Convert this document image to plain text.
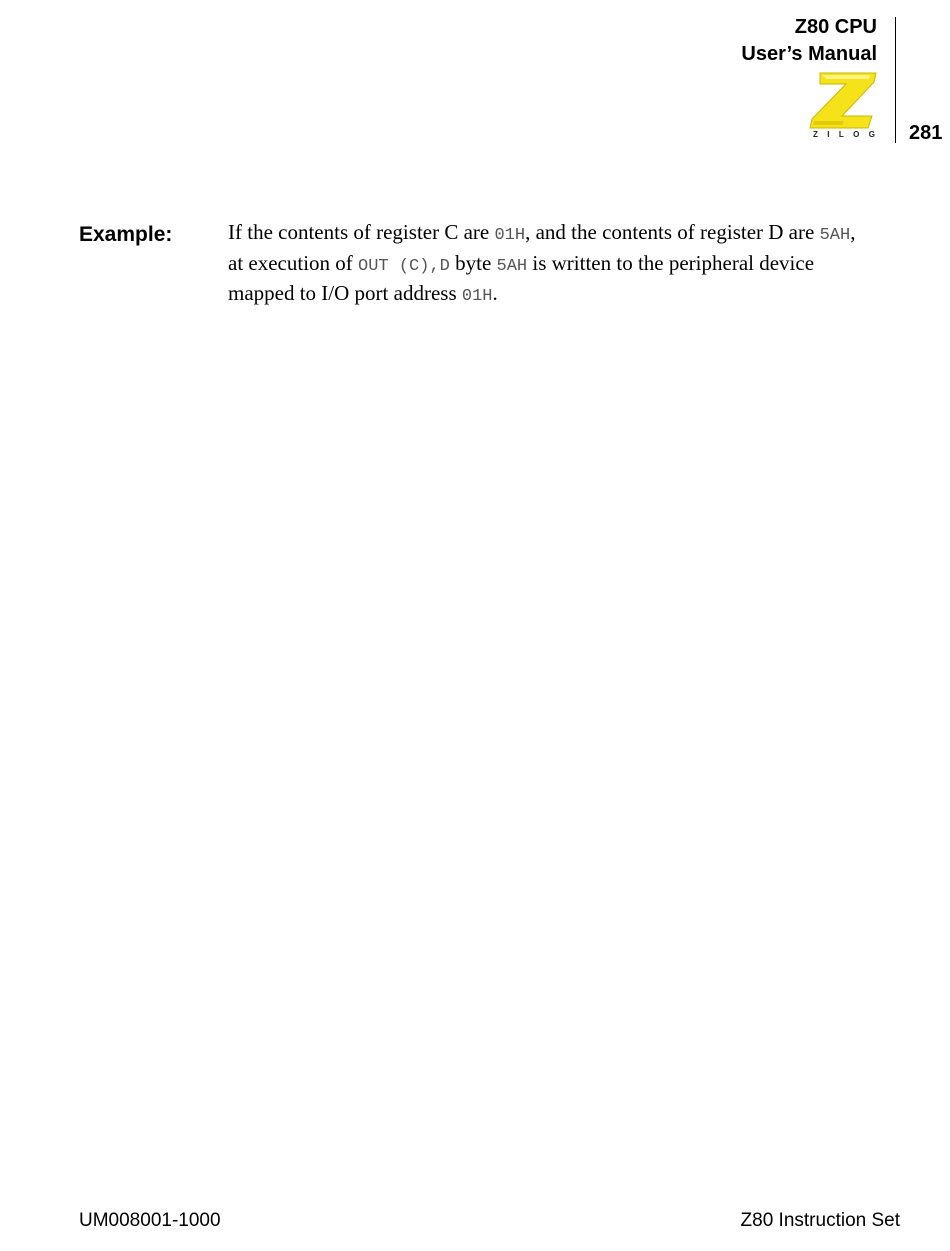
Z80 CPU
User’s Manual
Z I L O G 281
Example:	If the contents of register C are 01H, and the contents of register D are 5AH,
at execution of OUT (C),D byte 5AH is written to the peripheral device
mapped to I/O port address 01H.
UM008001-1000	Z80 Instruction Set
